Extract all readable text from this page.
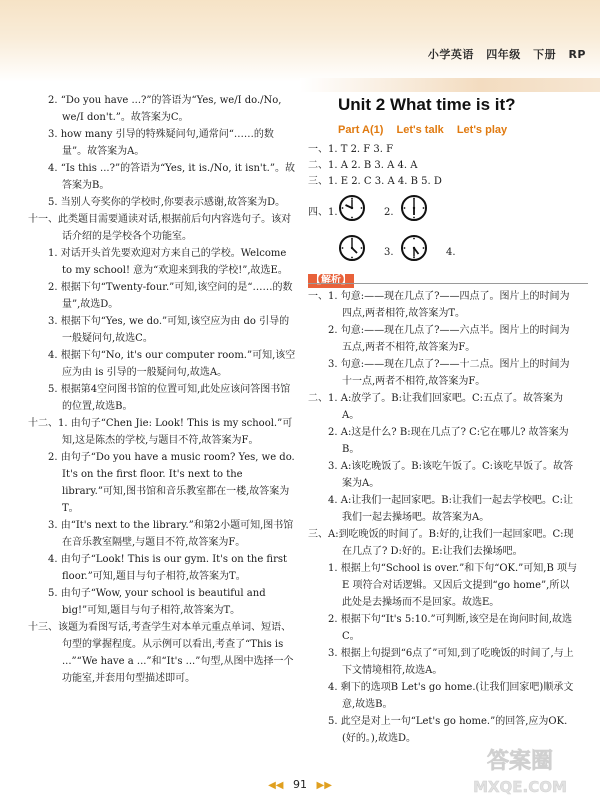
小学英语 四年级 下册 RP

2. “Do you have ...?”的答语为“Yes, we/I do./No, we/I don't.”。故答案为C。

3. how many 引导的特殊疑问句,通常问“……的数量”。故答案为A。

4. “Is this ...?”的答语为“Yes, it is./No, it isn't.”。故答案为B。

5. 当别人夸奖你的学校时,你要表示感谢,故答案为D。

十一、此类题目需要通读对话,根据前后句内容选句子。该对话介绍的是学校各个功能室。

1. 对话开头首先要欢迎对方来自己的学校。Welcome to my school! 意为“欢迎来到我的学校!”,故选E。

2. 根据下句“Twenty-four.”可知,该空问的是“……的数量”,故选D。

3. 根据下句“Yes, we do.”可知,该空应为由 do 引导的一般疑问句,故选C。

4. 根据下句“No, it's our computer room.”可知,该空应为由 is 引导的一般疑问句,故选A。

5. 根据第4空问图书馆的位置可知,此处应该问答图书馆的位置,故选B。

十二、1. 由句子“Chen Jie: Look! This is my school.”可知,这是陈杰的学校,与题目不符,故答案为F。

2. 由句子“Do you have a music room? Yes, we do. It's on the first floor. It's next to the library.”可知,图书馆和音乐教室都在一楼,故答案为T。

3. 由“It's next to the library.”和第2小题可知,图书馆在音乐教室隔壁,与题目不符,故答案为F。

4. 由句子“Look! This is our gym. It's on the first floor.”可知,题目与句子相符,故答案为T。

5. 由句子“Wow, your school is beautiful and big!”可知,题目与句子相符,故答案为T。

十三、该题为看图写话,考查学生对本单元重点单词、短语、句型的掌握程度。从示例可以看出,考查了“This is ...”“We have a ...”和“It's ...”句型,从图中选择一个功能室,并套用句型描述即可。

Unit 2 What time is it?
Part A(1) Let's talk Let's play
一、1. T 2. F 3. F
二、1. A 2. B 3. A 4. A
三、1. E 2. C 3. A 4. B 5. D
四、1.	2.
3.	4.
【解析】

一、1. 句意:——现在几点了?——四点了。图片上的时间为四点,两者相符,故答案为T。

2. 句意:——现在几点了?——六点半。图片上的时间为五点,两者不相符,故答案为F。

3. 句意:——现在几点了?——十二点。图片上的时间为十一点,两者不相符,故答案为F。

二、1. A:放学了。B:让我们回家吧。C:五点了。故答案为A。

2. A:这是什么? B:现在几点了? C:它在哪儿? 故答案为B。

3. A:该吃晚饭了。B:该吃午饭了。C:该吃早饭了。故答案为A。

4. A:让我们一起回家吧。B:让我们一起去学校吧。C:让我们一起去操场吧。故答案为A。

三、A:到吃晚饭的时间了。B:好的,让我们一起回家吧。C:现在几点了? D:好的。E:让我们去操场吧。

1. 根据上句“School is over.”和下句“OK.”可知,B 项与E 项符合对话逻辑。又因后文提到“go home”,所以此处是去操场而不是回家。故选E。

2. 根据下句“It's 5:10.”可判断,该空是在询问时间,故选C。

3. 根据上句提到“6点了”可知,到了吃晚饭的时间了,与上下文情境相符,故选A。

4. 剩下的选项B Let's go home.(让我们回家吧)顺承文意,故选B。

5. 此空是对上一句“Let's go home.”的回答,应为OK.(好的。),故选D。

◀◀ 91 ▶▶
答案圈
MXQE.COM
